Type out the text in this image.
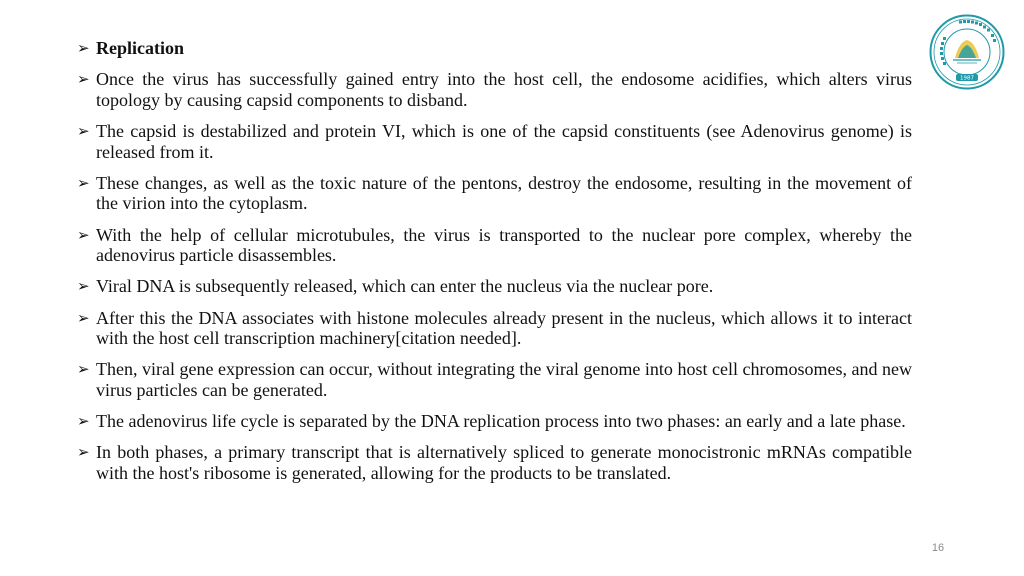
➢ Replication
➢ Once the virus has successfully gained entry into the host cell, the endosome acidifies, which alters virus topology by causing capsid components to disband.
➢ The capsid is destabilized and protein VI, which is one of the capsid constituents (see Adenovirus genome) is released from it.
➢ These changes, as well as the toxic nature of the pentons, destroy the endosome, resulting in the movement of the virion into the cytoplasm.
➢ With the help of cellular microtubules, the virus is transported to the nuclear pore complex, whereby the adenovirus particle disassembles.
➢ Viral DNA is subsequently released, which can enter the nucleus via the nuclear pore.
➢ After this the DNA associates with histone molecules already present in the nucleus, which allows it to interact with the host cell transcription machinery[citation needed].
➢ Then, viral gene expression can occur, without integrating the viral genome into host cell chromosomes, and new virus particles can be generated.
➢ The adenovirus life cycle is separated by the DNA replication process into two phases: an early and a late phase.
➢ In both phases, a primary transcript that is alternatively spliced to generate monocistronic mRNAs compatible with the host's ribosome is generated, allowing for the products to be translated.
1987
16
